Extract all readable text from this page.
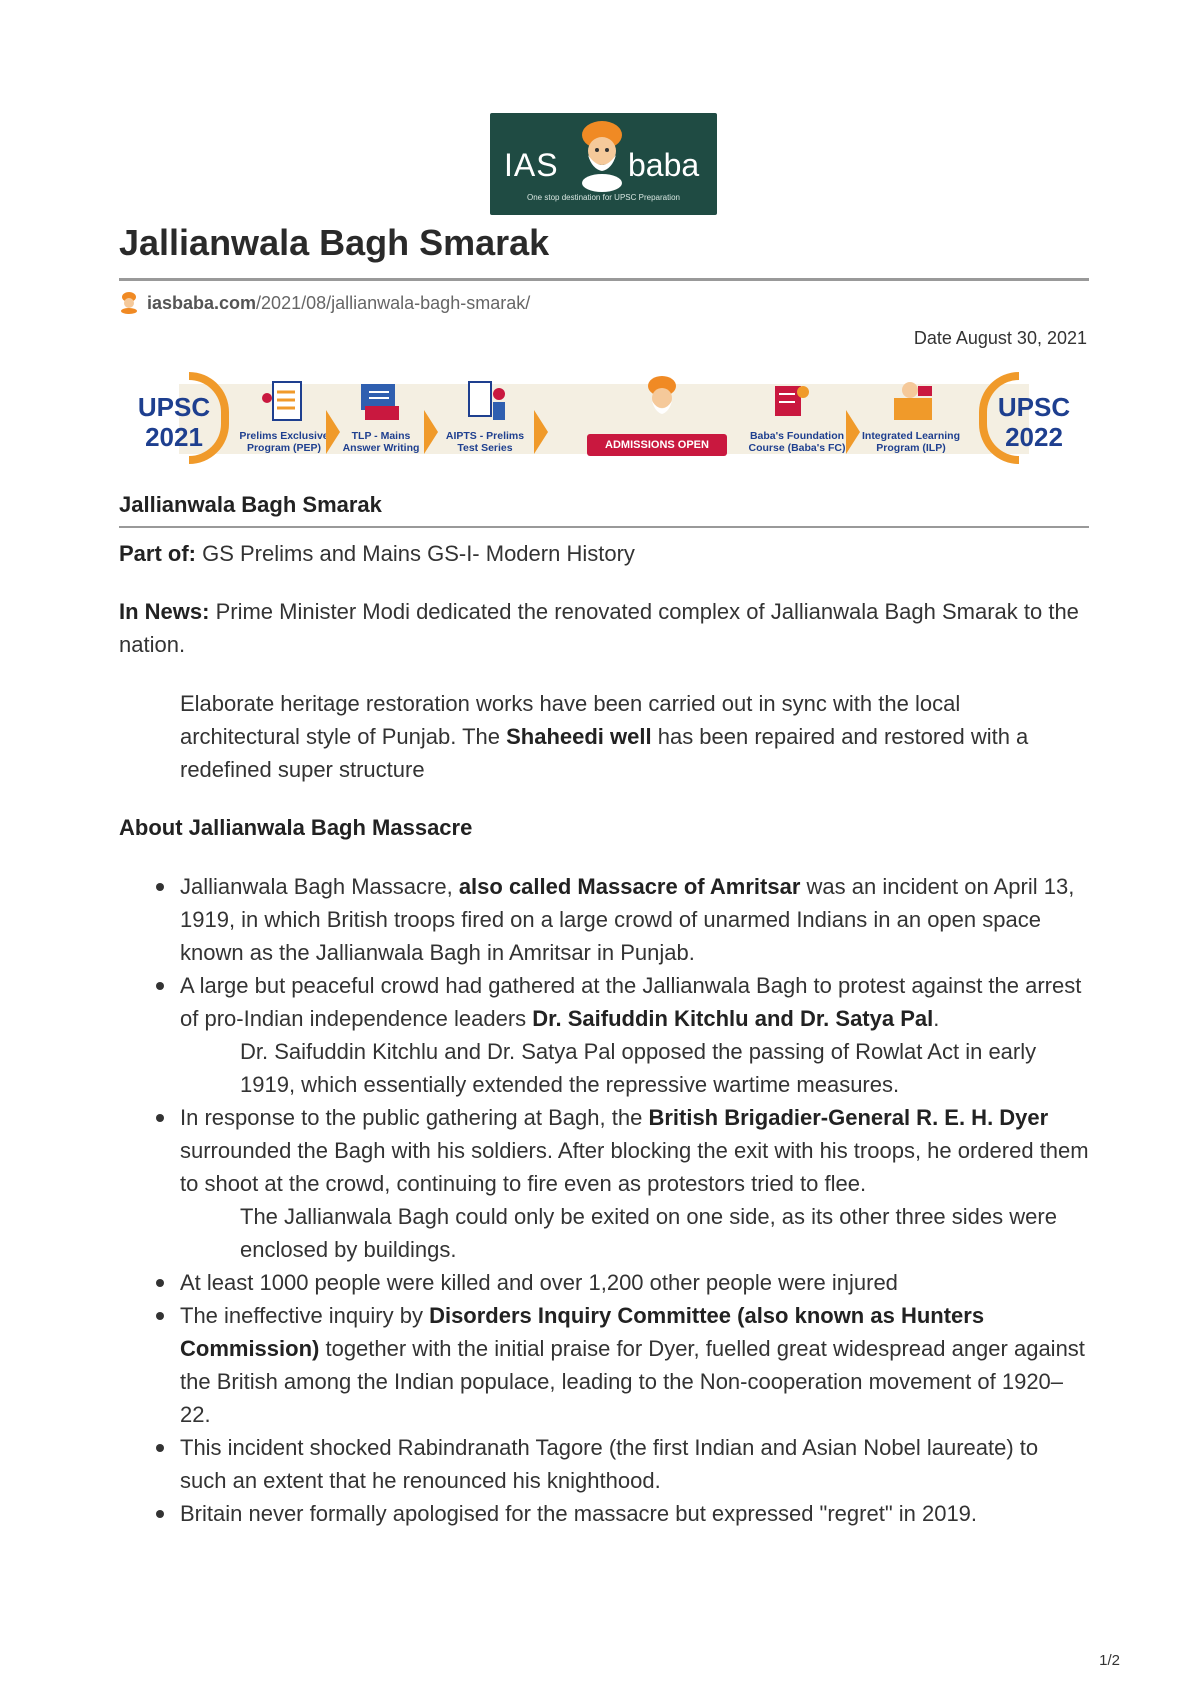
IAS baba
One stop destination for UPSC Preparation
Jallianwala Bagh Smarak
iasbaba.com /2021/08/jallianwala-bagh-smarak/
Date August 30, 2021
UPSC
2021	Prelims Exclusive
Program (PEP)
TLP - Mains
Answer Writing
AIPTS - Prelims
Test Series	ADMISSIONS OPEN
Baba's Foundation
Course (Baba's FC)
Integrated Learning
Program (ILP)
UPSC
2022
Jallianwala Bagh Smarak

Part of: GS Prelims and Mains GS-I- Modern History

In News: Prime Minister Modi dedicated the renovated complex of Jallianwala Bagh Smarak to the nation.

Elaborate heritage restoration works have been carried out in sync with the local architectural style of Punjab. The Shaheedi well has been repaired and restored with a redefined super structure

About Jallianwala Bagh Massacre
Jallianwala Bagh Massacre, also called Massacre of Amritsar was an incident on April 13, 1919, in which British troops fired on a large crowd of unarmed Indians in an open space known as the Jallianwala Bagh in Amritsar in Punjab.
A large but peaceful crowd had gathered at the Jallianwala Bagh to protest against the arrest of pro-Indian independence leaders Dr. Saifuddin Kitchlu and Dr. Satya Pal.
Dr. Saifuddin Kitchlu and Dr. Satya Pal opposed the passing of Rowlat Act in early 1919, which essentially extended the repressive wartime measures.
In response to the public gathering at Bagh, the British Brigadier-General R. E. H. Dyer surrounded the Bagh with his soldiers. After blocking the exit with his troops, he ordered them to shoot at the crowd, continuing to fire even as protestors tried to flee.
The Jallianwala Bagh could only be exited on one side, as its other three sides were enclosed by buildings.
At least 1000 people were killed and over 1,200 other people were injured
The ineffective inquiry by Disorders Inquiry Committee (also known as Hunters Commission) together with the initial praise for Dyer, fuelled great widespread anger against the British among the Indian populace, leading to the Non-cooperation movement of 1920–22.
This incident shocked Rabindranath Tagore (the first Indian and Asian Nobel laureate) to such an extent that he renounced his knighthood.
Britain never formally apologised for the massacre but expressed "regret" in 2019.
1/2
